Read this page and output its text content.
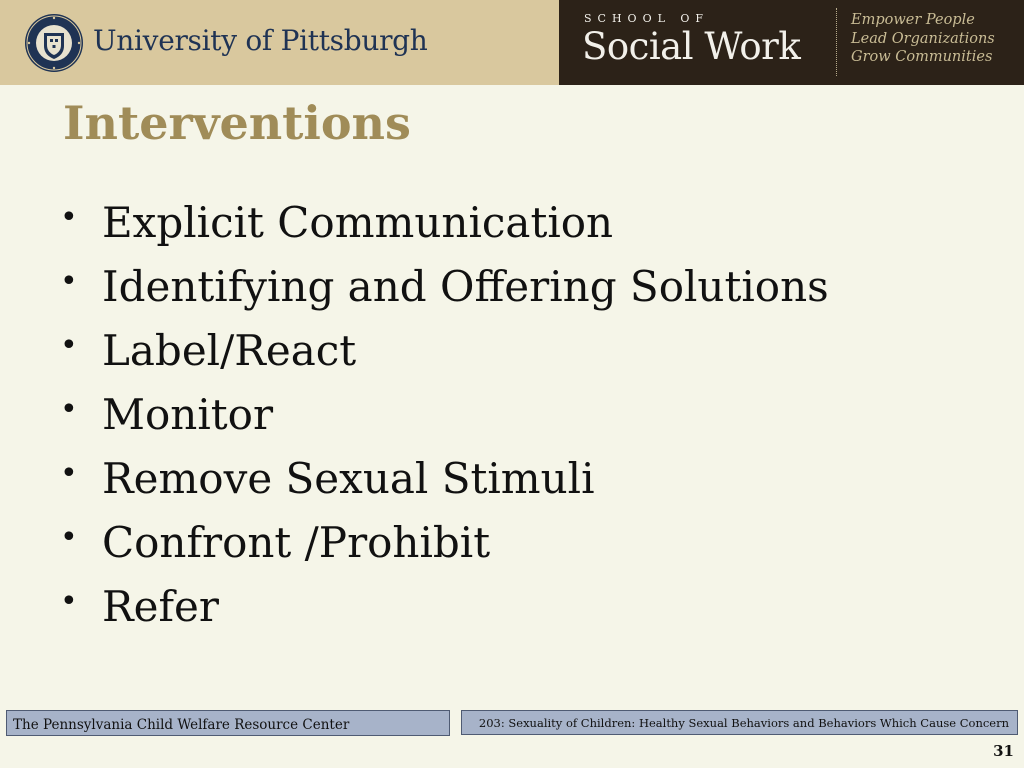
University of Pittsburgh
SCHOOL OF
Social Work
Empower People
Lead Organizations
Grow Communities
Interventions
• Explicit Communication
• Identifying and Offering Solutions
• Label/React
• Monitor
• Remove Sexual Stimuli
• Confront /Prohibit
• Refer
The Pennsylvania Child Welfare Resource Center	203: Sexuality of Children: Healthy Sexual Behaviors and Behaviors Which Cause Concern
31
